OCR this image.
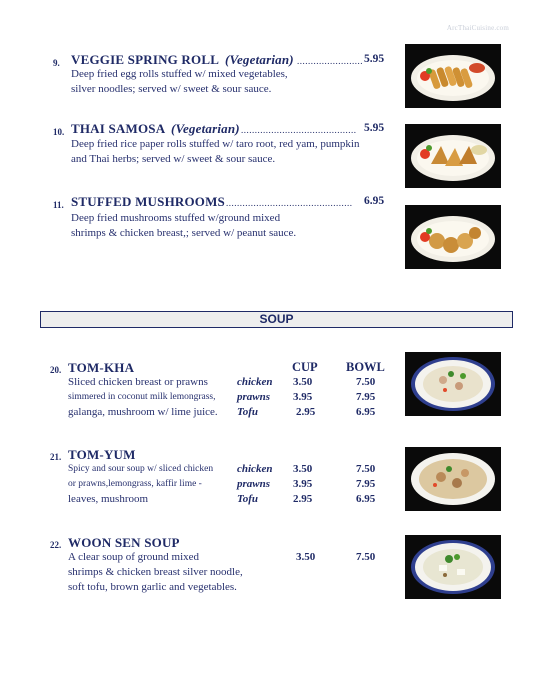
ArcThaiCuisine.com
9. VEGGIE SPRING ROLL (Vegetarian) ........................ 5.95
Deep fried egg rolls stuffed w/ mixed vegetables,
silver noodles; served w/ sweet & sour sauce.
10. THAI SAMOSA (Vegetarian) .......................................... 5.95
Deep fried rice paper rolls stuffed w/ taro root, red yam, pumpkin
and Thai herbs; served w/ sweet & sour sauce.
11. STUFFED MUSHROOMS .............................................. 6.95
Deep fried mushrooms stuffed w/ground mixed
shrimps & chicken breast,; served w/ peanut sauce.
SOUP
CUP BOWL
20. TOM-KHA
Sliced chicken breast or prawns
simmered in coconut milk lemongrass,
galanga, mushroom w/ lime juice.
chicken
prawns
Tofu
3.50
3.95
2.95
7.50
7.95
6.95
21. TOM-YUM
Spicy and sour soup w/ sliced chicken
or prawns,lemongrass, kaffir lime -
leaves, mushroom
chicken
prawns
Tofu
3.50
3.95
2.95
7.50
7.95
6.95
22. WOON SEN SOUP
A clear soup of ground mixed
shrimps & chicken breast silver noodle,
soft tofu, brown garlic and vegetables.
3.50	7.50
